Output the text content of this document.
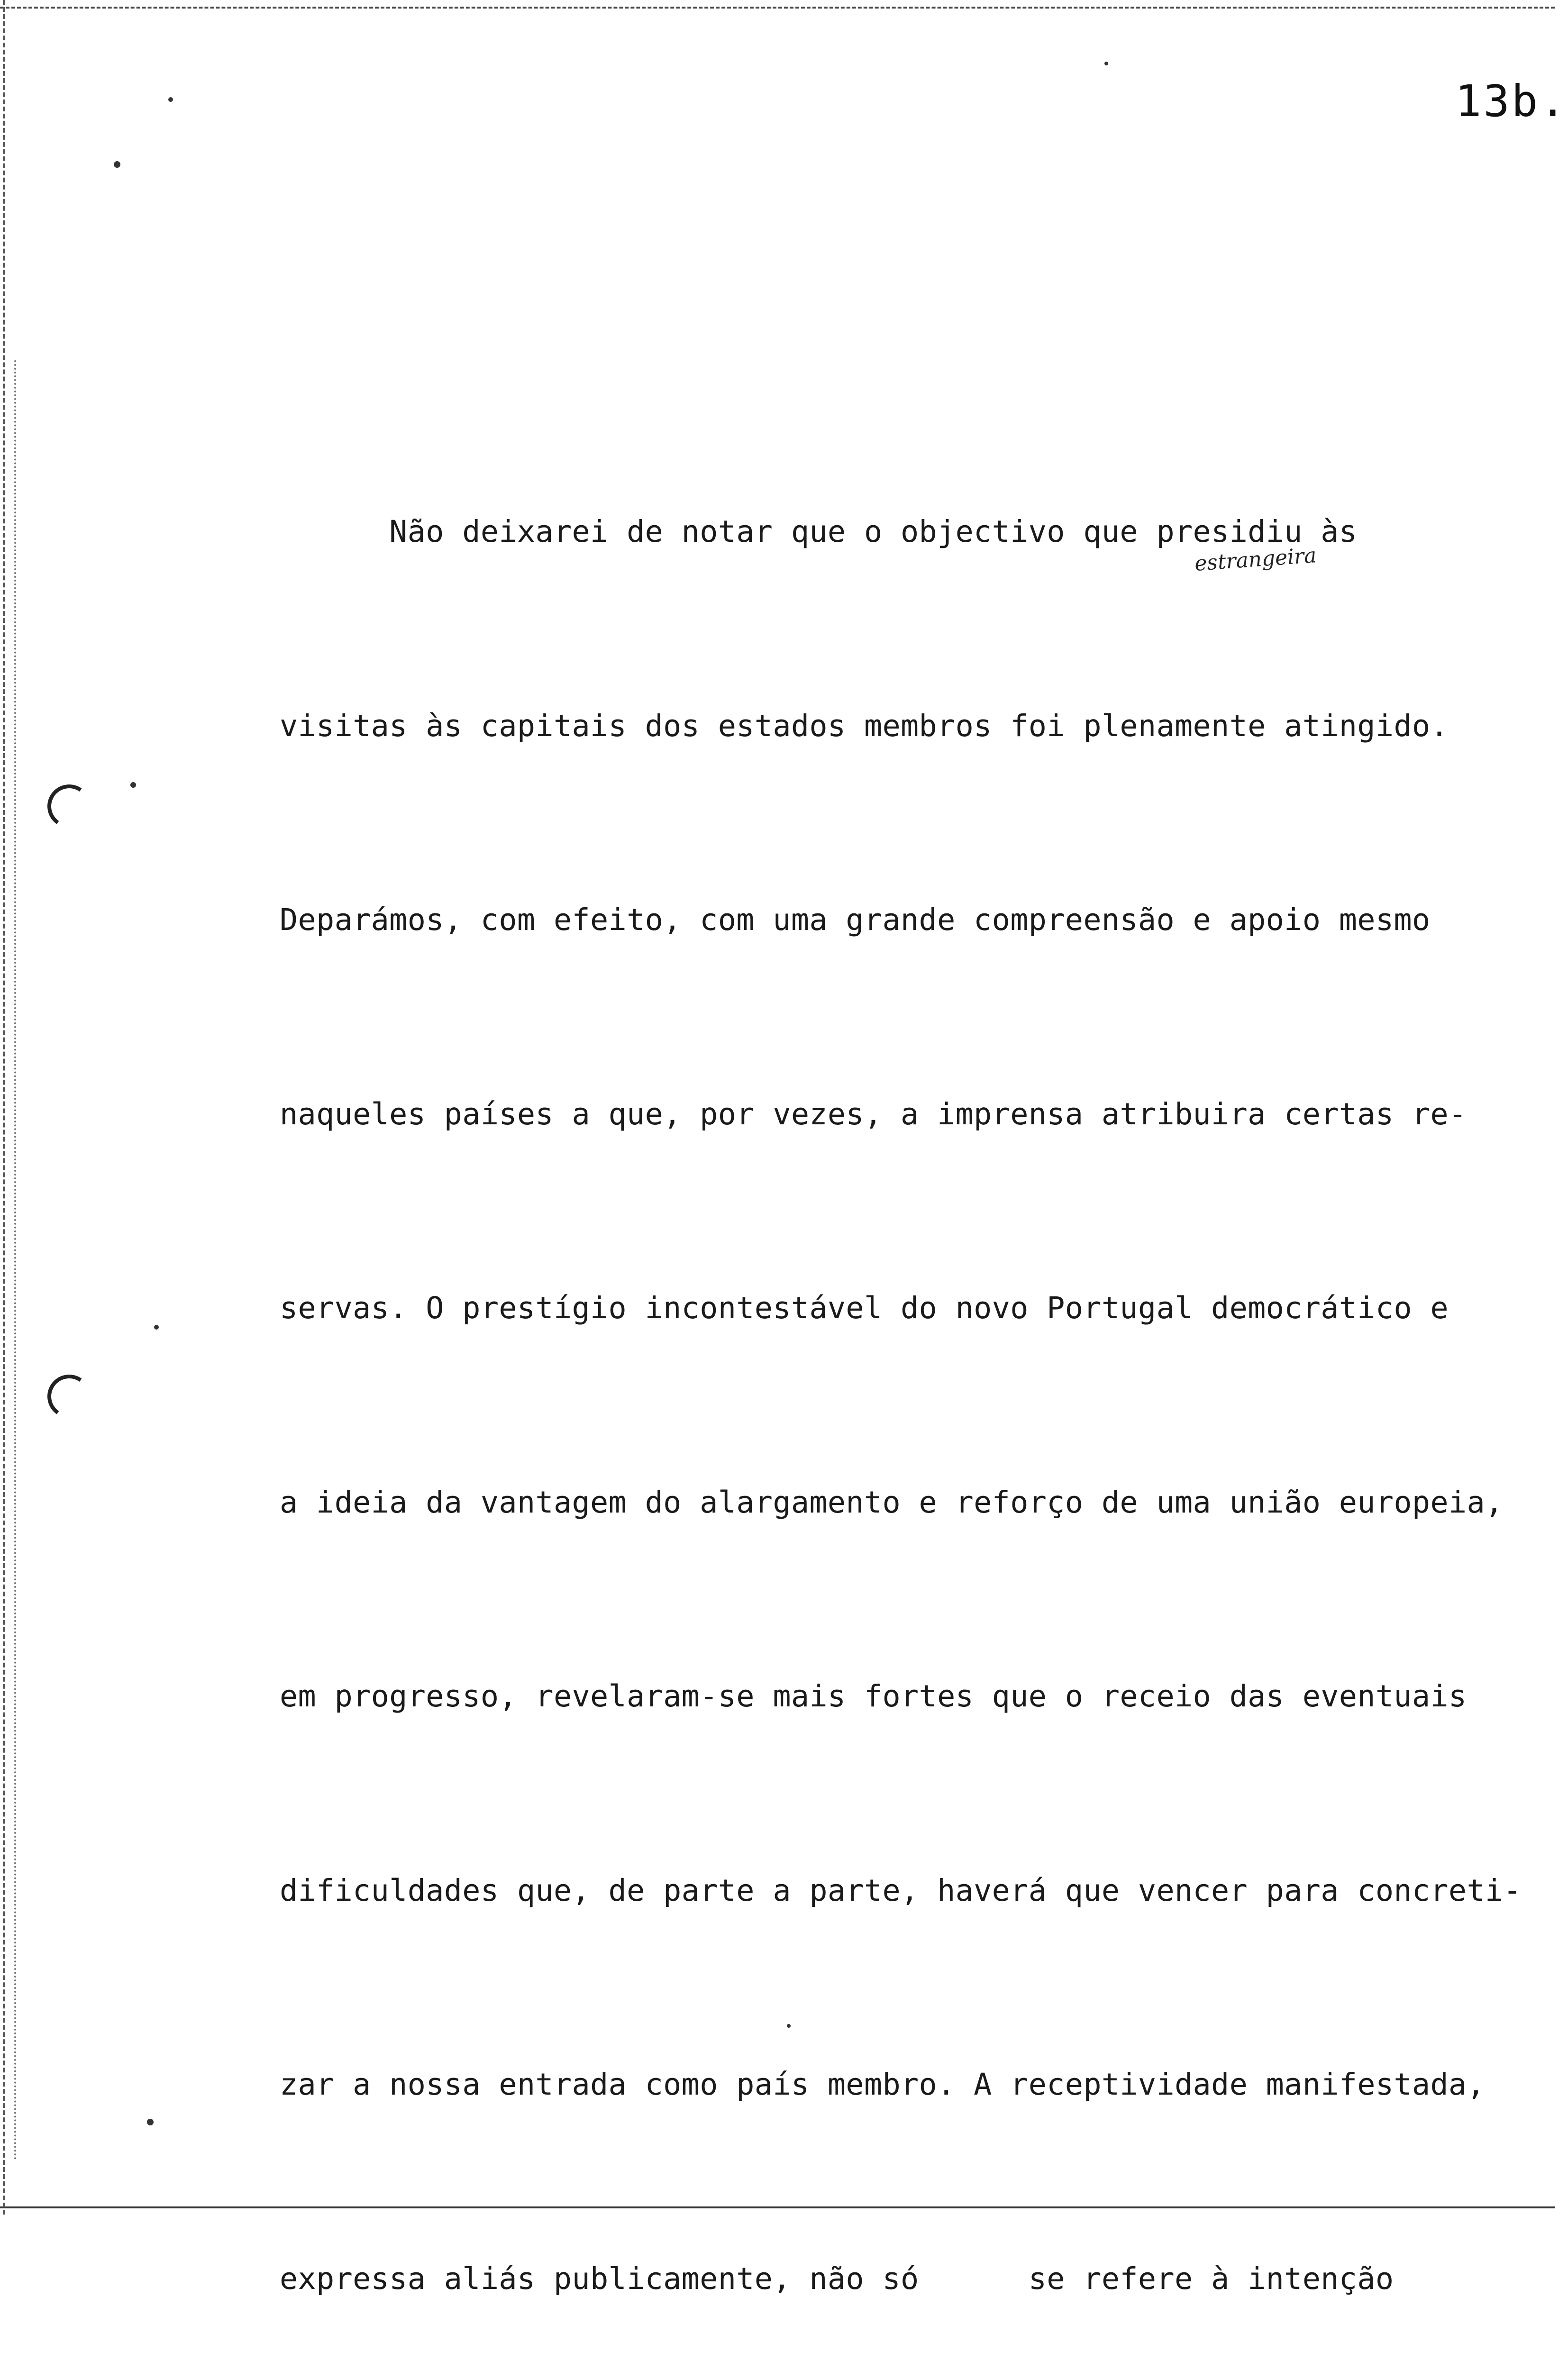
13b.
estrangeira

Não deixarei de notar que o objectivo que presidiu às

visitas às capitais dos estados membros foi plenamente atingido.

Deparámos, com efeito, com uma grande compreensão e apoio mesmo

naqueles países a que, por vezes, a imprensa atribuira certas re-

servas. O prestígio incontestável do novo Portugal democrático e

a ideia da vantagem do alargamento e reforço de uma união europeia,

em progresso, revelaram-se mais fortes que o receio das eventuais

dificuldades que, de parte a parte, haverá que vencer para concreti-

zar a nossa entrada como país membro. A receptividade manifestada,

expressa aliás publicamente, não só      se refere à intenção
